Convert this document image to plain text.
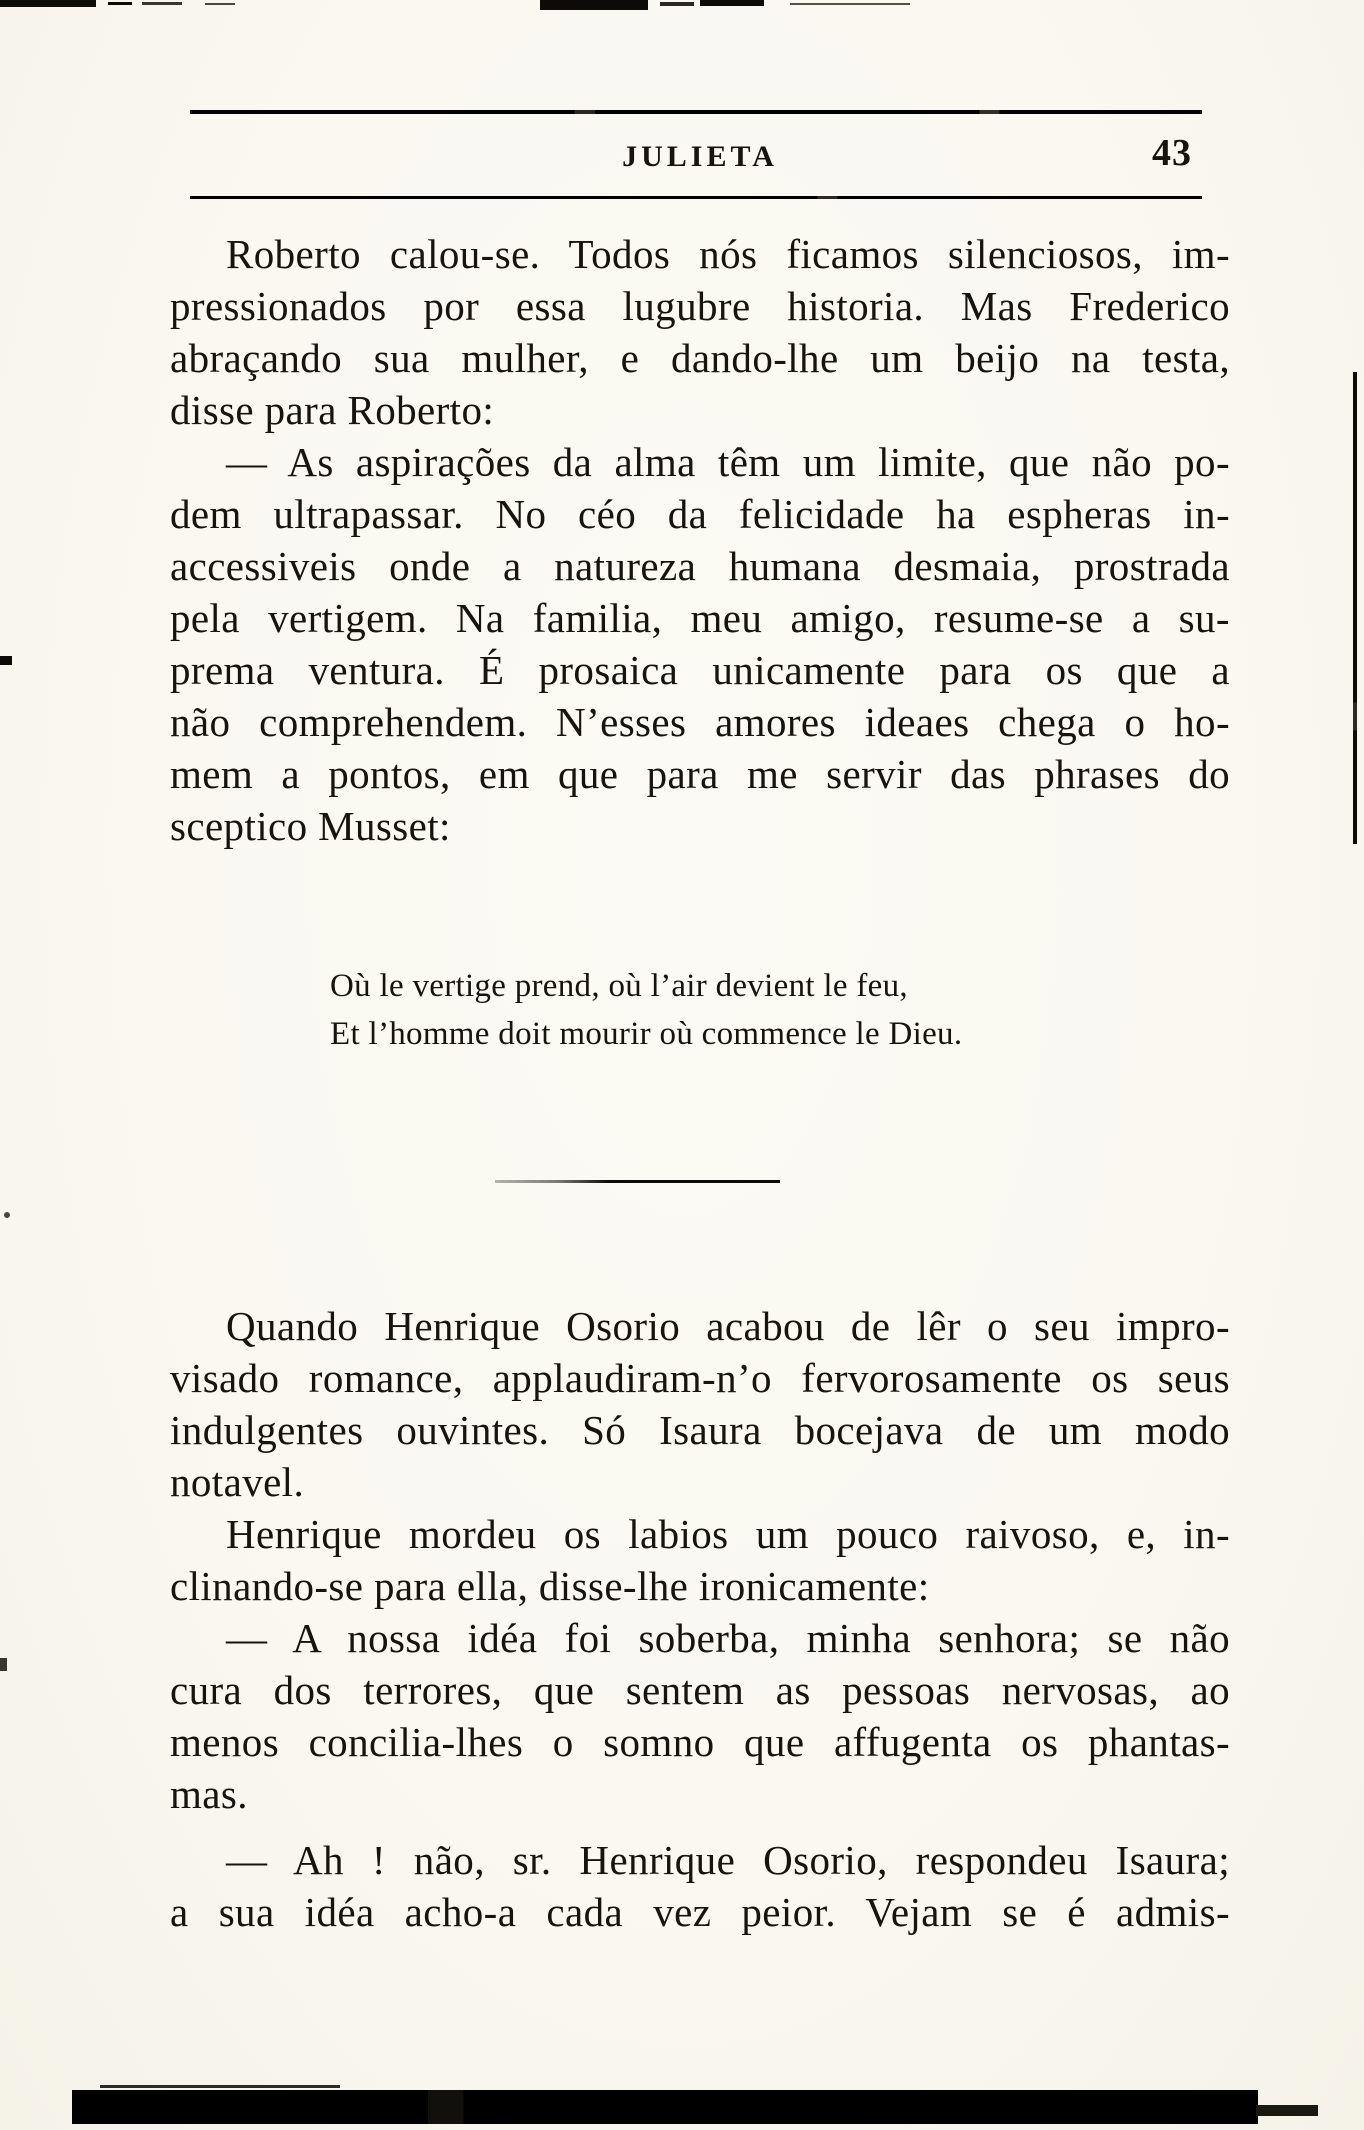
JULIETA	43
Roberto calou-se. Todos nós ficamos silenciosos, im-
pressionados por essa lugubre historia. Mas Frederico
abraçando sua mulher, e dando-lhe um beijo na testa,
disse para Roberto:
— As aspirações da alma têm um limite, que não po-
dem ultrapassar. No céo da felicidade ha espheras in-
accessiveis onde a natureza humana desmaia, prostrada
pela vertigem. Na familia, meu amigo, resume-se a su-
prema ventura. É prosaica unicamente para os que a
não comprehendem. N’esses amores ideaes chega o ho-
mem a pontos, em que para me servir das phrases do
sceptico Musset:
Où le vertige prend, où l’air devient le feu,
Et l’homme doit mourir où commence le Dieu.
Quando Henrique Osorio acabou de lêr o seu impro-
visado romance, applaudiram-n’o fervorosamente os seus
indulgentes ouvintes. Só Isaura bocejava de um modo
notavel.
Henrique mordeu os labios um pouco raivoso, e, in-
clinando-se para ella, disse-lhe ironicamente:
— A nossa idéa foi soberba, minha senhora; se não
cura dos terrores, que sentem as pessoas nervosas, ao
menos concilia-lhes o somno que affugenta os phantas-
mas.
— Ah ! não, sr. Henrique Osorio, respondeu Isaura;
a sua idéa acho-a cada vez peior. Vejam se é admis-
